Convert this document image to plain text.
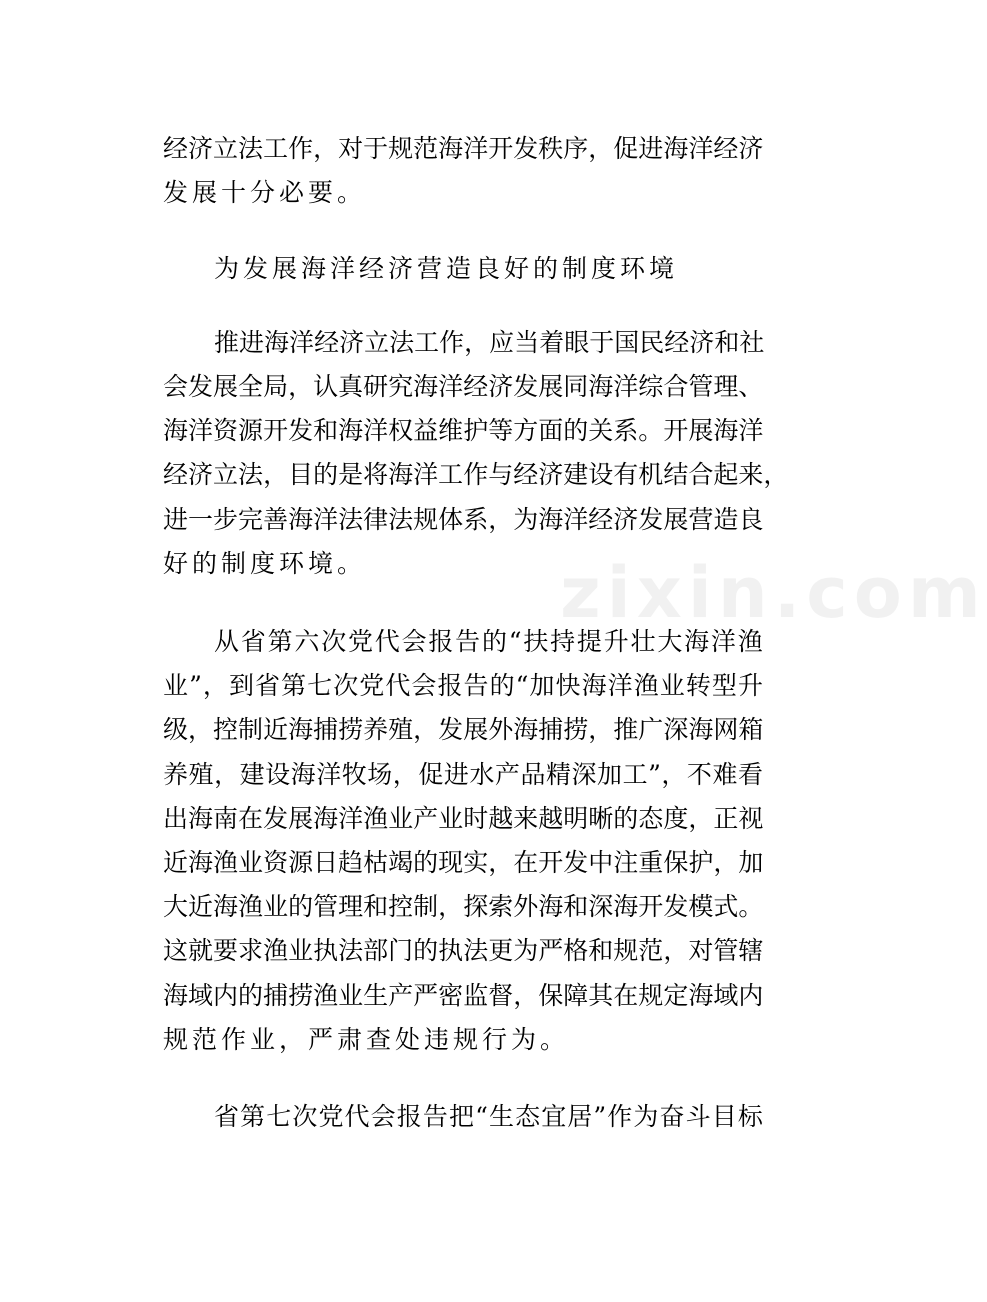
zixin.com
经 济 立 法 工 作 ， 对 于 规 范 海 洋 开 发 秩 序 ， 促 进 海 洋 经 济
发展十分必要。
为发展海洋经济营造良好的制度环境
推 进 海 洋 经 济 立 法 工 作 ， 应 当 着 眼 于 国 民 经 济 和 社
会 发 展 全 局 ， 认 真 研 究 海 洋 经 济 发 展 同 海 洋 综 合 管 理 、
海 洋 资 源 开 发 和 海 洋 权 益 维 护 等 方 面 的 关 系 。 开 展 海 洋
经 济 立 法 ， 目 的 是 将 海 洋 工 作 与 经 济 建 设 有 机 结 合 起 来 ，
进 一 步 完 善 海 洋 法 律 法 规 体 系 ， 为 海 洋 经 济 发 展 营 造 良
好的制度环境。
从 省 第 六 次 党 代 会 报 告 的 “ 扶 持 提 升 壮 大 海 洋 渔
业 ” ， 到 省 第 七 次 党 代 会 报 告 的 “ 加 快 海 洋 渔 业 转 型 升
级 ， 控 制 近 海 捕 捞 养 殖 ， 发 展 外 海 捕 捞 ， 推 广 深 海 网 箱
养 殖 ， 建 设 海 洋 牧 场 ， 促 进 水 产 品 精 深 加 工 ” ， 不 难 看
出 海 南 在 发 展 海 洋 渔 业 产 业 时 越 来 越 明 晰 的 态 度 ， 正 视
近 海 渔 业 资 源 日 趋 枯 竭 的 现 实 ， 在 开 发 中 注 重 保 护 ， 加
大 近 海 渔 业 的 管 理 和 控 制 ， 探 索 外 海 和 深 海 开 发 模 式 。
这 就 要 求 渔 业 执 法 部 门 的 执 法 更 为 严 格 和 规 范 ， 对 管 辖
海 域 内 的 捕 捞 渔 业 生 产 严 密 监 督 ， 保 障 其 在 规 定 海 域 内
规范作业，严肃查处违规行为。
省 第 七 次 党 代 会 报 告 把 “ 生 态 宜 居 ” 作 为 奋 斗 目 标
